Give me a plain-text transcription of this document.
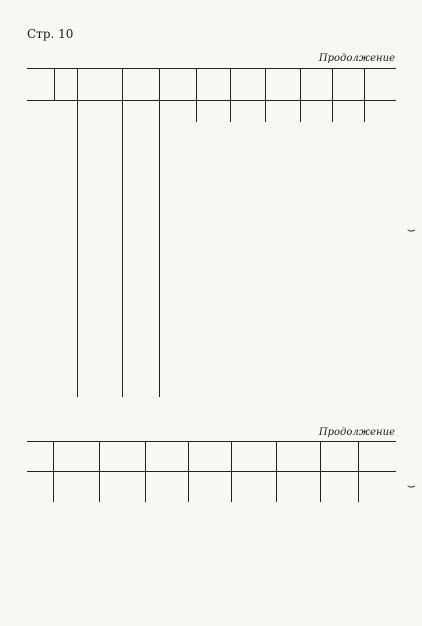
Стр. 10
Продолжение
Продолжение
⌣
⌣
